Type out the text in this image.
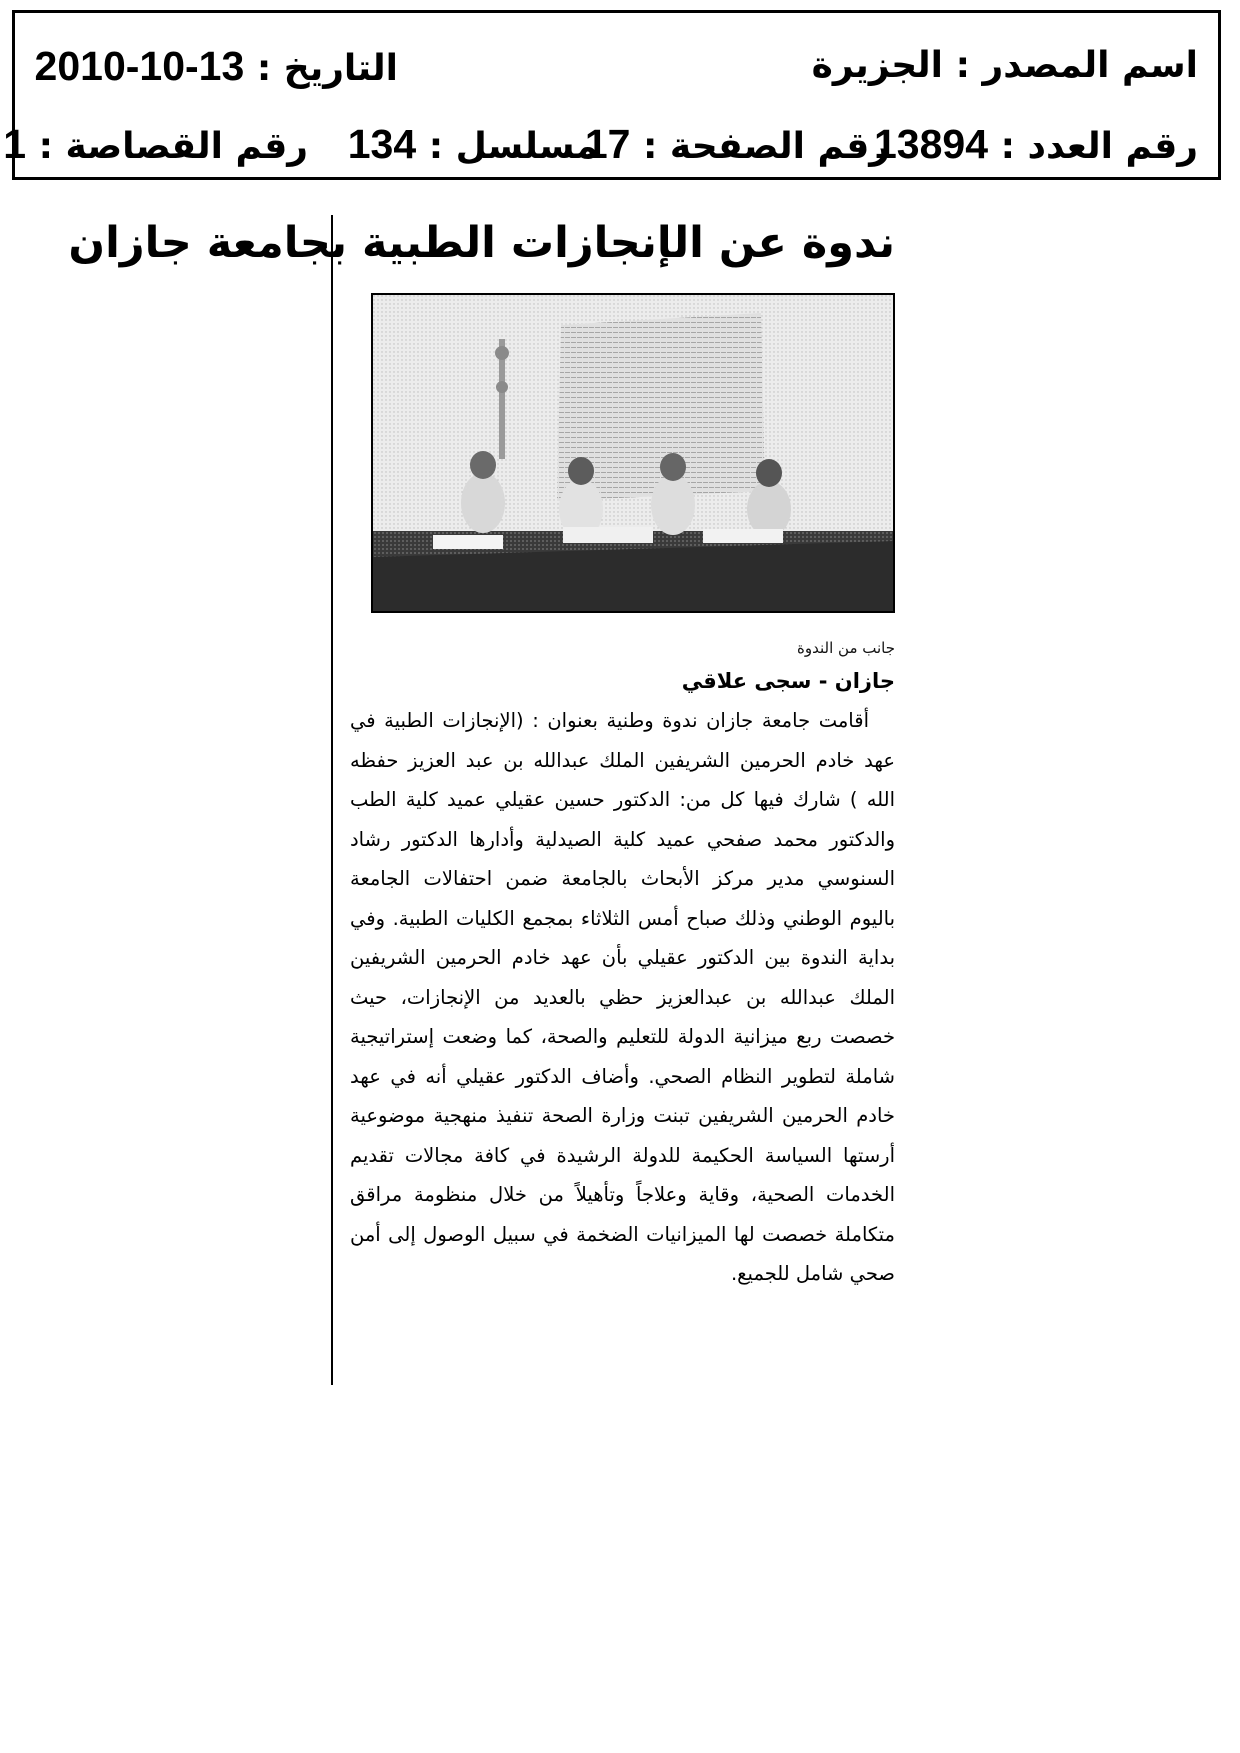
اسم المصدر : الجزيرة
التاريخ : 2010-10-13
رقم العدد : 13894
رقم الصفحة : 17
مسلسل : 134
رقم القصاصة : 1
ندوة عن الإنجازات الطبية بجامعة جازان
جانب من الندوة
جازان - سجى علاقي

أقامت جامعة جازان ندوة وطنية بعنوان : (الإنجازات الطبية في عهد خادم الحرمين الشريفين الملك عبدالله بن عبد العزيز حفظه الله ) شارك فيها كل من: الدكتور حسين عقيلي عميد كلية الطب والدكتور محمد صفحي عميد كلية الصيدلية وأدارها الدكتور رشاد السنوسي مدير مركز الأبحاث بالجامعة ضمن احتفالات الجامعة باليوم الوطني وذلك صباح أمس الثلاثاء بمجمع الكليات الطبية. وفي بداية الندوة بين الدكتور عقيلي بأن عهد خادم الحرمين الشريفين الملك عبدالله بن عبدالعزيز حظي بالعديد من الإنجازات، حيث خصصت ربع ميزانية الدولة للتعليم والصحة، كما وضعت إستراتيجية شاملة لتطوير النظام الصحي. وأضاف الدكتور عقيلي أنه في عهد خادم الحرمين الشريفين تبنت وزارة الصحة تنفيذ منهجية موضوعية أرستها السياسة الحكيمة للدولة الرشيدة في كافة مجالات تقديم الخدمات الصحية، وقاية وعلاجاً وتأهيلاً من خلال منظومة مراقق متكاملة خصصت لها الميزانيات الضخمة في سبيل الوصول إلى أمن صحي شامل للجميع.
